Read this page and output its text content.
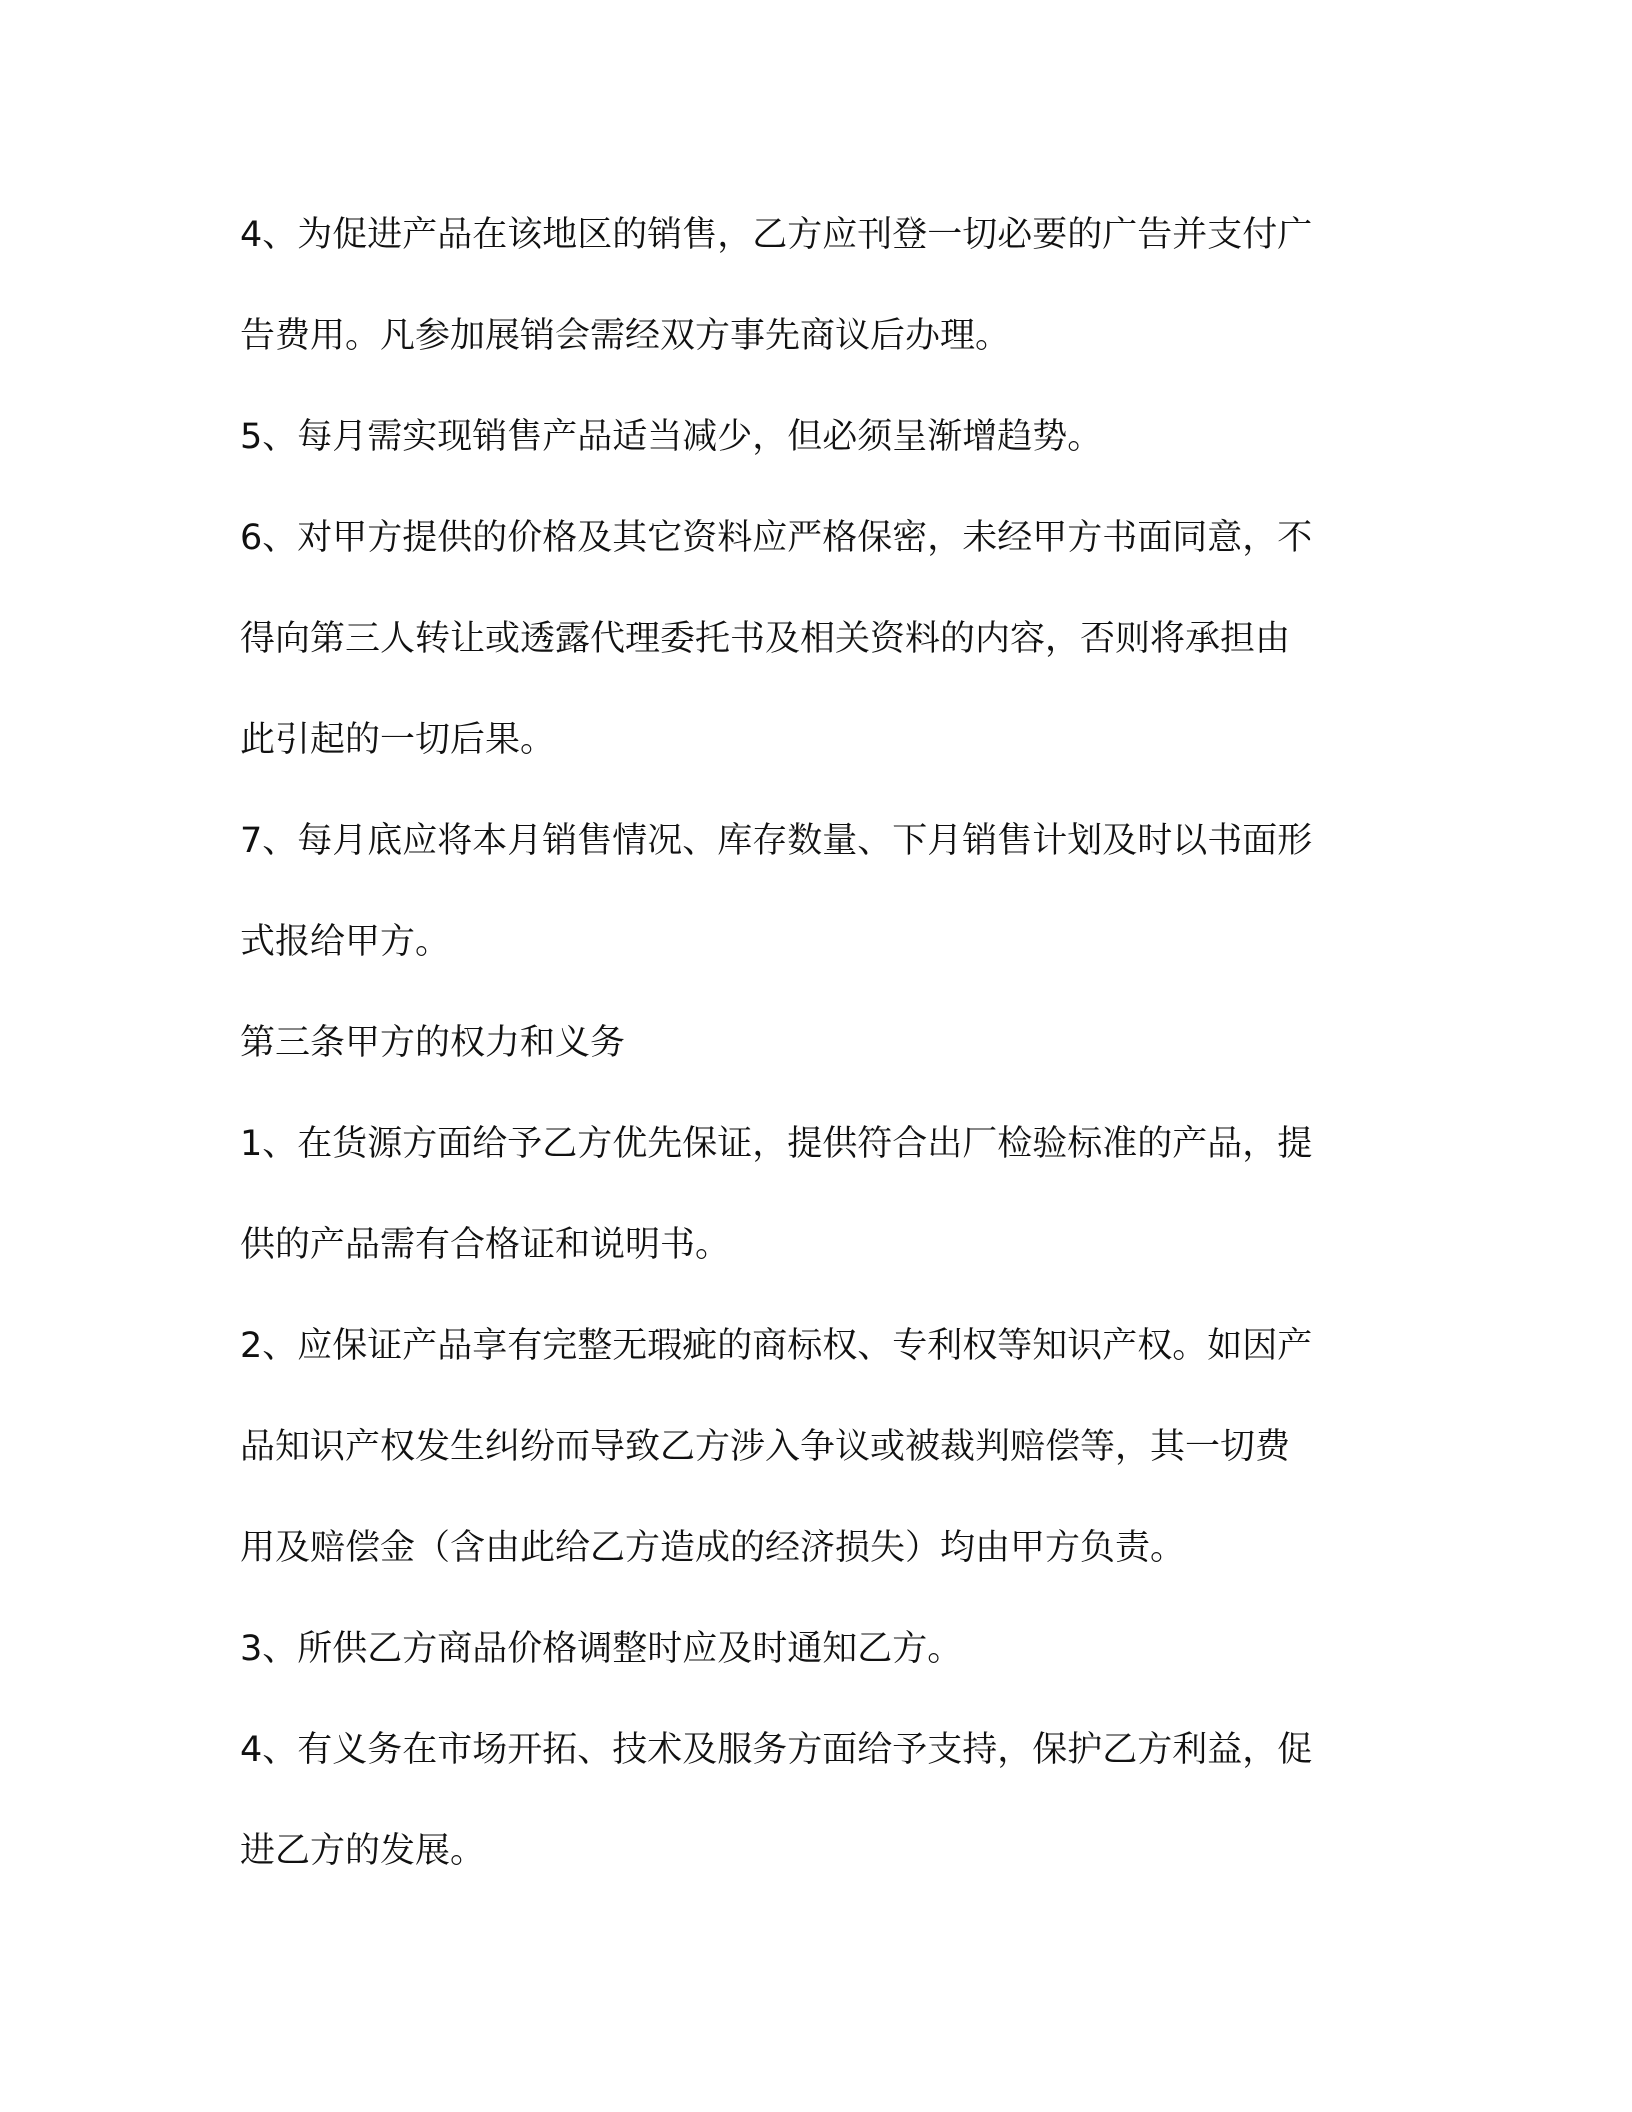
4、为促进产品在该地区的销售，乙方应刊登一切必要的广告并支付广

告费用。凡参加展销会需经双方事先商议后办理。

5、每月需实现销售产品适当减少，但必须呈渐增趋势。

6、对甲方提供的价格及其它资料应严格保密，未经甲方书面同意，不

得向第三人转让或透露代理委托书及相关资料的内容，否则将承担由

此引起的一切后果。

7、每月底应将本月销售情况、库存数量、下月销售计划及时以书面形

式报给甲方。

第三条甲方的权力和义务

1、在货源方面给予乙方优先保证，提供符合出厂检验标准的产品，提

供的产品需有合格证和说明书。

2、应保证产品享有完整无瑕疵的商标权、专利权等知识产权。如因产

品知识产权发生纠纷而导致乙方涉入争议或被裁判赔偿等，其一切费

用及赔偿金（含由此给乙方造成的经济损失）均由甲方负责。

3、所供乙方商品价格调整时应及时通知乙方。

4、有义务在市场开拓、技术及服务方面给予支持，保护乙方利益，促

进乙方的发展。
